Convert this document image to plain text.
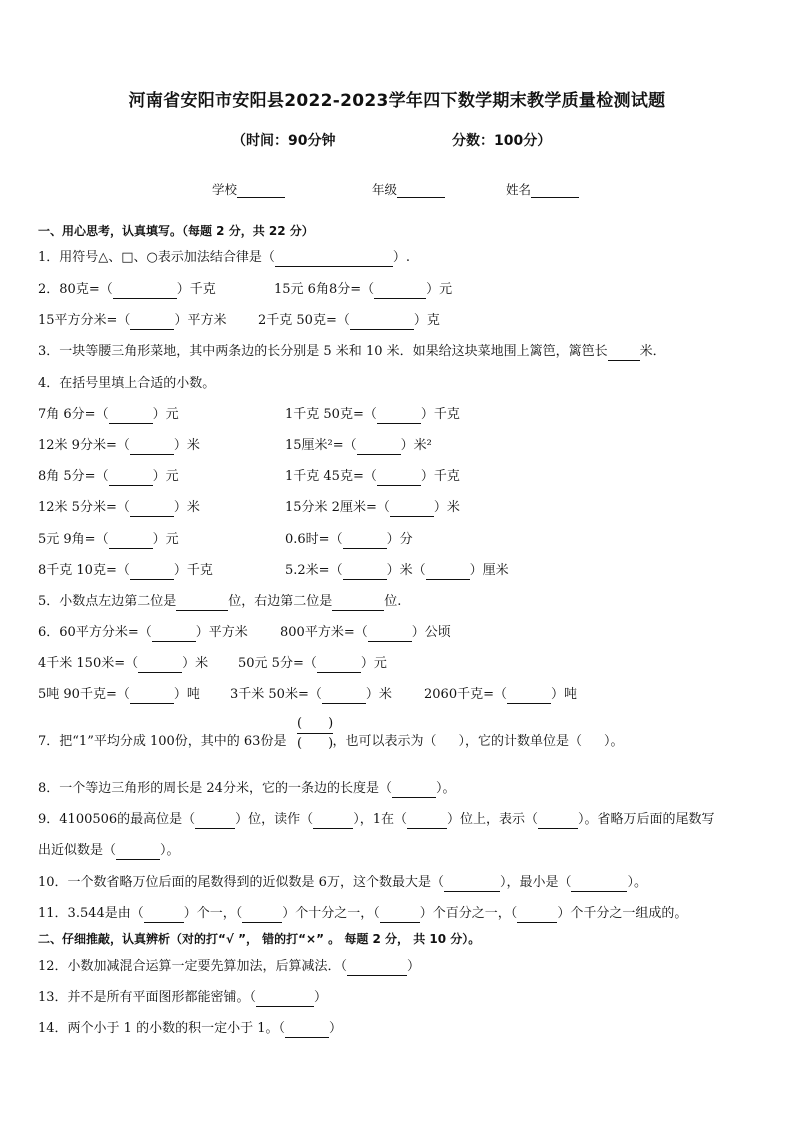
河南省安阳市安阳县2022-2023学年四下数学期末教学质量检测试题
（时间：90分钟	分数：100分）
学校	年级	姓名
一、用心思考，认真填写。（每题 2 分，共 22 分）
1．用符号△、□、○表示加法结合律是（	）.
2．80克=（	）千克	15元 6角8分=（	）元
15平方分米=（	）平方米 2千克 50克=（	）克
3．一块等腰三角形菜地，其中两条边的长分别是 5 米和 10 米．如果给这块菜地围上篱笆，篱笆长 米．
4．在括号里填上合适的小数。
7角 6分=（	）元	1千克 50克=（	）千克
12米 9分米=（	）米	15厘米²=（	）米²
8角 5分=（	）元	1千克 45克=（	）千克
12米 5分米=（	）米	15分米 2厘米=（	）米
5元 9角=（	）元	0.6时=（	）分
8千克 10克=（	）千克	5.2米=（	）米（	）厘米
5．小数点左边第二位是	位，右边第二位是	位.
6．60平方分米=（	）平方米 800平方米=（	）公顷
4千米 150米=（	）米 50元 5分=（	）元
5吨 90千克=（	）吨 3千米 50米=（	）米 2060千克=（	）吨
7．把“1”平均分成 100份，其中的 63份是	，也可以表示为（ ），它的计数单位是（ ）。
(   )
(   )
8．一个等边三角形的周长是 24分米，它的一条边的长度是（	）。
9．4100506的最高位是（	）位，读作（	），1在（	）位上，表示（	）。省略万后面的尾数写
出近似数是（	）。
10．一个数省略万位后面的尾数得到的近似数是 6万，这个数最大是（	），最小是（	）。
11．3.544是由（	）个一，（	）个十分之一，（	）个百分之一，（	）个千分之一组成的。
二、仔细推敲，认真辨析（对的打“√ ”， 错的打“×” 。 每题 2 分， 共 10 分）。
12．小数加减混合运算一定要先算加法，后算减法．（	）
13．并不是所有平面图形都能密铺。（	）
14．两个小于 1 的小数的积一定小于 1。（	）
